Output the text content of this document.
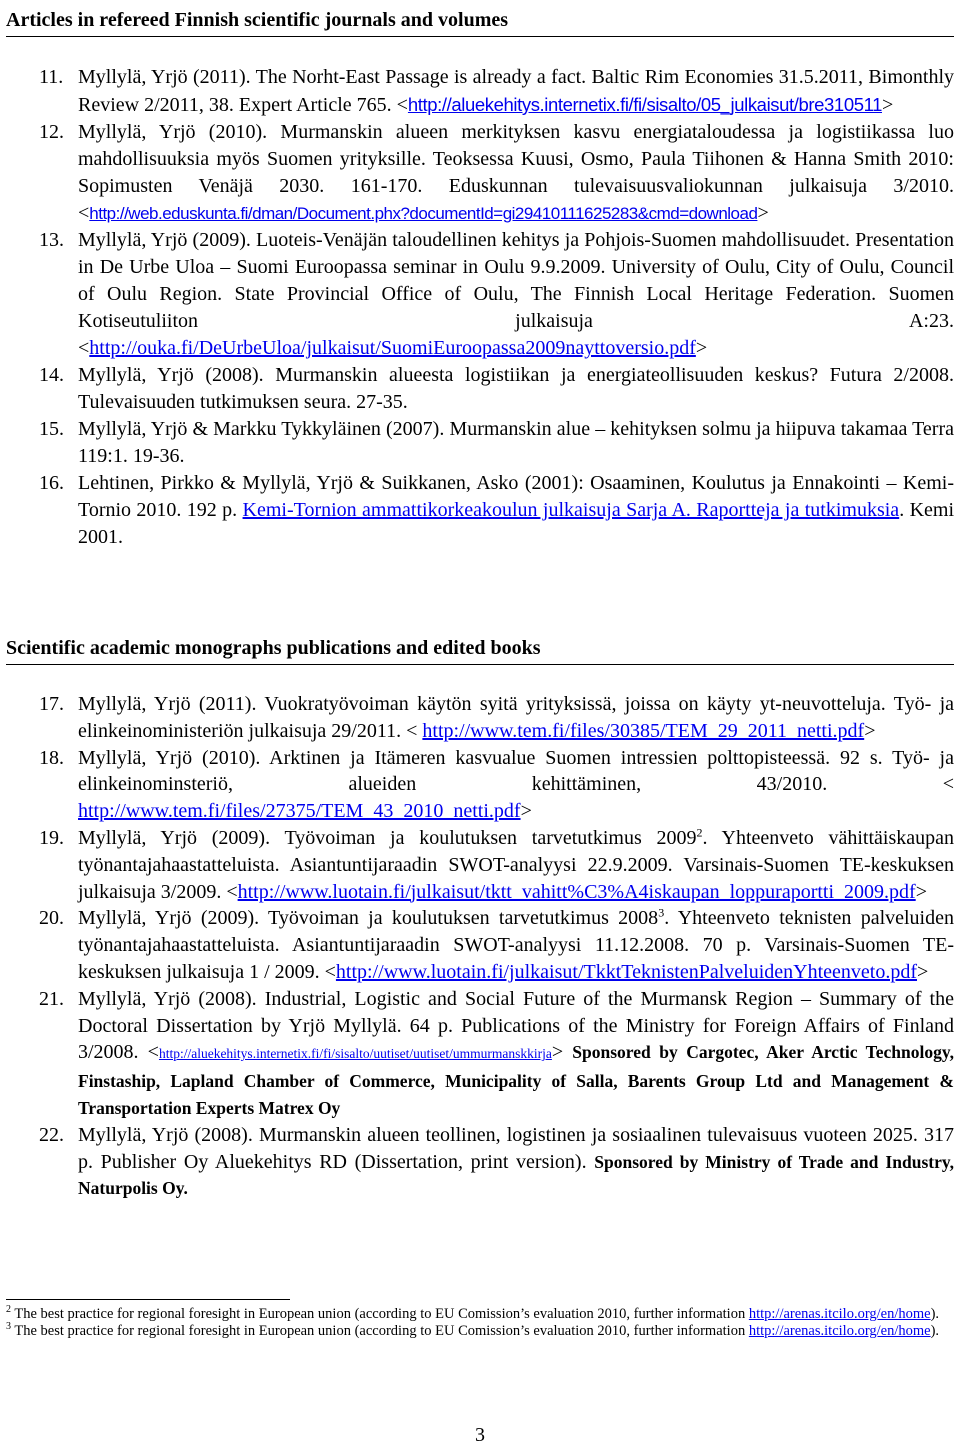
Articles in refereed Finnish scientific journals and volumes
11. Myllylä, Yrjö (2011). The Norht-East Passage is already a fact. Baltic Rim Economies 31.5.2011, Bimonthly Review 2/2011, 38. Expert Article 765. <http://aluekehitys.internetix.fi/fi/sisalto/05_julkaisut/bre310511>
12. Myllylä, Yrjö (2010). Murmanskin alueen merkityksen kasvu energiataloudessa ja logistiikassa luo mahdollisuuksia myös Suomen yrityksille. Teoksessa Kuusi, Osmo, Paula Tiihonen & Hanna Smith 2010: Sopimusten Venäjä 2030. 161-170. Eduskunnan tulevaisuusvaliokunnan julkaisuja 3/2010. <http://web.eduskunta.fi/dman/Document.phx?documentId=gi29410111625283&cmd=download>
13. Myllylä, Yrjö (2009). Luoteis-Venäjän taloudellinen kehitys ja Pohjois-Suomen mahdollisuudet. Presentation in De Urbe Uloa – Suomi Euroopassa seminar in Oulu 9.9.2009. University of Oulu, City of Oulu, Council of Oulu Region. State Provincial Office of Oulu, The Finnish Local Heritage Federation. Suomen Kotiseutuliiton julkaisuja A:23. <http://ouka.fi/DeUrbeUloa/julkaisut/SuomiEuroopassa2009nayttoversio.pdf>
14. Myllylä, Yrjö (2008). Murmanskin alueesta logistiikan ja energiateollisuuden keskus? Futura 2/2008. Tulevaisuuden tutkimuksen seura. 27-35.
15. Myllylä, Yrjö & Markku Tykkyläinen (2007). Murmanskin alue – kehityksen solmu ja hiipuva takamaa Terra 119:1. 19-36.
16. Lehtinen, Pirkko & Myllylä, Yrjö & Suikkanen, Asko (2001): Osaaminen, Koulutus ja Ennakointi – Kemi-Tornio 2010. 192 p. Kemi-Tornion ammattikorkeakoulun julkaisuja Sarja A. Raportteja ja tutkimuksia. Kemi 2001.
Scientific academic monographs publications and edited books
17. Myllylä, Yrjö (2011). Vuokratyövoiman käytön syitä yrityksissä, joissa on käyty yt-neuvotteluja. Työ- ja elinkeinoministeriön julkaisuja 29/2011. < http://www.tem.fi/files/30385/TEM_29_2011_netti.pdf>
18. Myllylä, Yrjö (2010). Arktinen ja Itämeren kasvualue Suomen intressien polttopisteessä. 92 s. Työ- ja elinkeinominsteriö, alueiden kehittäminen, 43/2010. < http://www.tem.fi/files/27375/TEM_43_2010_netti.pdf>
19. Myllylä, Yrjö (2009). Työvoiman ja koulutuksen tarvetutkimus 2009$^2$. Yhteenveto vähittäiskaupan työnantajahaastatteluista. Asiantuntijaraadin SWOT-analyysi 22.9.2009. Varsinais-Suomen TE-keskuksen julkaisuja 3/2009. <http://www.luotain.fi/julkaisut/tktt_vahitt%C3%A4iskaupan_loppuraportti_2009.pdf>
20. Myllylä, Yrjö (2009). Työvoiman ja koulutuksen tarvetutkimus 2008$^3$. Yhteenveto teknisten palveluiden työnantajahaastatteluista. Asiantuntijaraadin SWOT-analyysi 11.12.2008. 70 p. Varsinais-Suomen TE-keskuksen julkaisuja 1 / 2009. <http://www.luotain.fi/julkaisut/TkktTeknistenPalveluidenYhteenveto.pdf>
21. Myllylä, Yrjö (2008). Industrial, Logistic and Social Future of the Murmansk Region – Summary of the Doctoral Dissertation by Yrjö Myllylä. 64 p. Publications of the Ministry for Foreign Affairs of Finland 3/2008. <http://aluekehitys.internetix.fi/fi/sisalto/uutiset/uutiset/ummurmanskkirja> Sponsored by Cargotec, Aker Arctic Technology, Finstaship, Lapland Chamber of Commerce, Municipality of Salla, Barents Group Ltd and Management & Transportation Experts Matrex Oy
22. Myllylä, Yrjö (2008). Murmanskin alueen teollinen, logistinen ja sosiaalinen tulevaisuus vuoteen 2025. 317 p. Publisher Oy Aluekehitys RD (Dissertation, print version). Sponsored by Ministry of Trade and Industry, Naturpolis Oy.

$^2$ The best practice for regional foresight in European union (according to EU Comission’s evaluation 2010, further information http://arenas.itcilo.org/en/home).

$^3$ The best practice for regional foresight in European union (according to EU Comission’s evaluation 2010, further information http://arenas.itcilo.org/en/home).

3
